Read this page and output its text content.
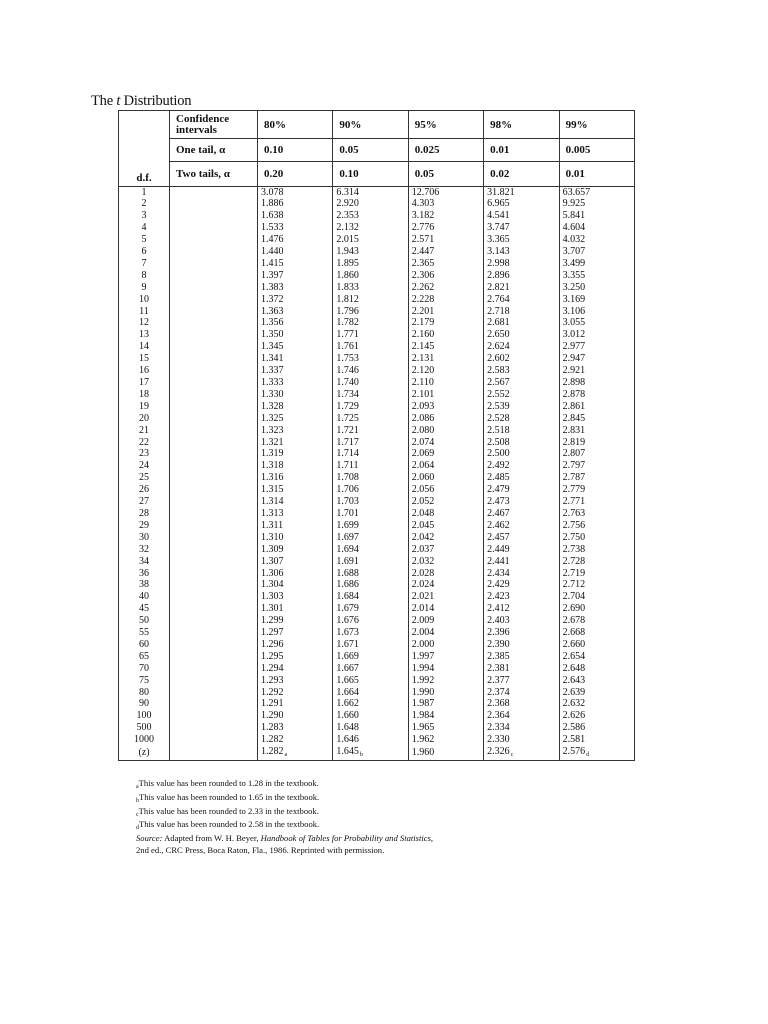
The t Distribution
	Confidence intervals	80%	90%	95%	98%	99%
	One tail, α	0.10	0.05	0.025	0.01	0.005
d.f.	Two tails, α	0.20	0.10	0.05	0.02	0.01
1		3.078	6.314	12.706	31.821	63.657
2		1.886	2.920	4.303	6.965	9.925
3		1.638	2.353	3.182	4.541	5.841
4		1.533	2.132	2.776	3.747	4.604
5		1.476	2.015	2.571	3.365	4.032
6		1.440	1.943	2.447	3.143	3.707
7		1.415	1.895	2.365	2.998	3.499
8		1.397	1.860	2.306	2.896	3.355
9		1.383	1.833	2.262	2.821	3.250
10		1.372	1.812	2.228	2.764	3.169
11		1.363	1.796	2.201	2.718	3.106
12		1.356	1.782	2.179	2.681	3.055
13		1.350	1.771	2.160	2.650	3.012
14		1.345	1.761	2.145	2.624	2.977
15		1.341	1.753	2.131	2.602	2.947
16		1.337	1.746	2.120	2.583	2.921
17		1.333	1.740	2.110	2.567	2.898
18		1.330	1.734	2.101	2.552	2.878
19		1.328	1.729	2.093	2.539	2.861
20		1.325	1.725	2.086	2.528	2.845
21		1.323	1.721	2.080	2.518	2.831
22		1.321	1.717	2.074	2.508	2.819
23		1.319	1.714	2.069	2.500	2.807
24		1.318	1.711	2.064	2.492	2.797
25		1.316	1.708	2.060	2.485	2.787
26		1.315	1.706	2.056	2.479	2.779
27		1.314	1.703	2.052	2.473	2.771
28		1.313	1.701	2.048	2.467	2.763
29		1.311	1.699	2.045	2.462	2.756
30		1.310	1.697	2.042	2.457	2.750
32		1.309	1.694	2.037	2.449	2.738
34		1.307	1.691	2.032	2.441	2.728
36		1.306	1.688	2.028	2.434	2.719
38		1.304	1.686	2.024	2.429	2.712
40		1.303	1.684	2.021	2.423	2.704
45		1.301	1.679	2.014	2.412	2.690
50		1.299	1.676	2.009	2.403	2.678
55		1.297	1.673	2.004	2.396	2.668
60		1.296	1.671	2.000	2.390	2.660
65		1.295	1.669	1.997	2.385	2.654
70		1.294	1.667	1.994	2.381	2.648
75		1.293	1.665	1.992	2.377	2.643
80		1.292	1.664	1.990	2.374	2.639
90		1.291	1.662	1.987	2.368	2.632
100		1.290	1.660	1.984	2.364	2.626
500		1.283	1.648	1.965	2.334	2.586
1000		1.282	1.646	1.962	2.330	2.581
(z)		$1.282_a$	$1.645_b$	1.960	$2.326_c$	$2.576_d$
$_a$This value has been rounded to 1.28 in the textbook.
$_b$This value has been rounded to 1.65 in the textbook.
$_c$This value has been rounded to 2.33 in the textbook.
$_d$This value has been rounded to 2.58 in the textbook.
Source: Adapted from W. H. Beyer, Handbook of Tables for Probability and Statistics,
2nd ed., CRC Press, Boca Raton, Fla., 1986. Reprinted with permission.
